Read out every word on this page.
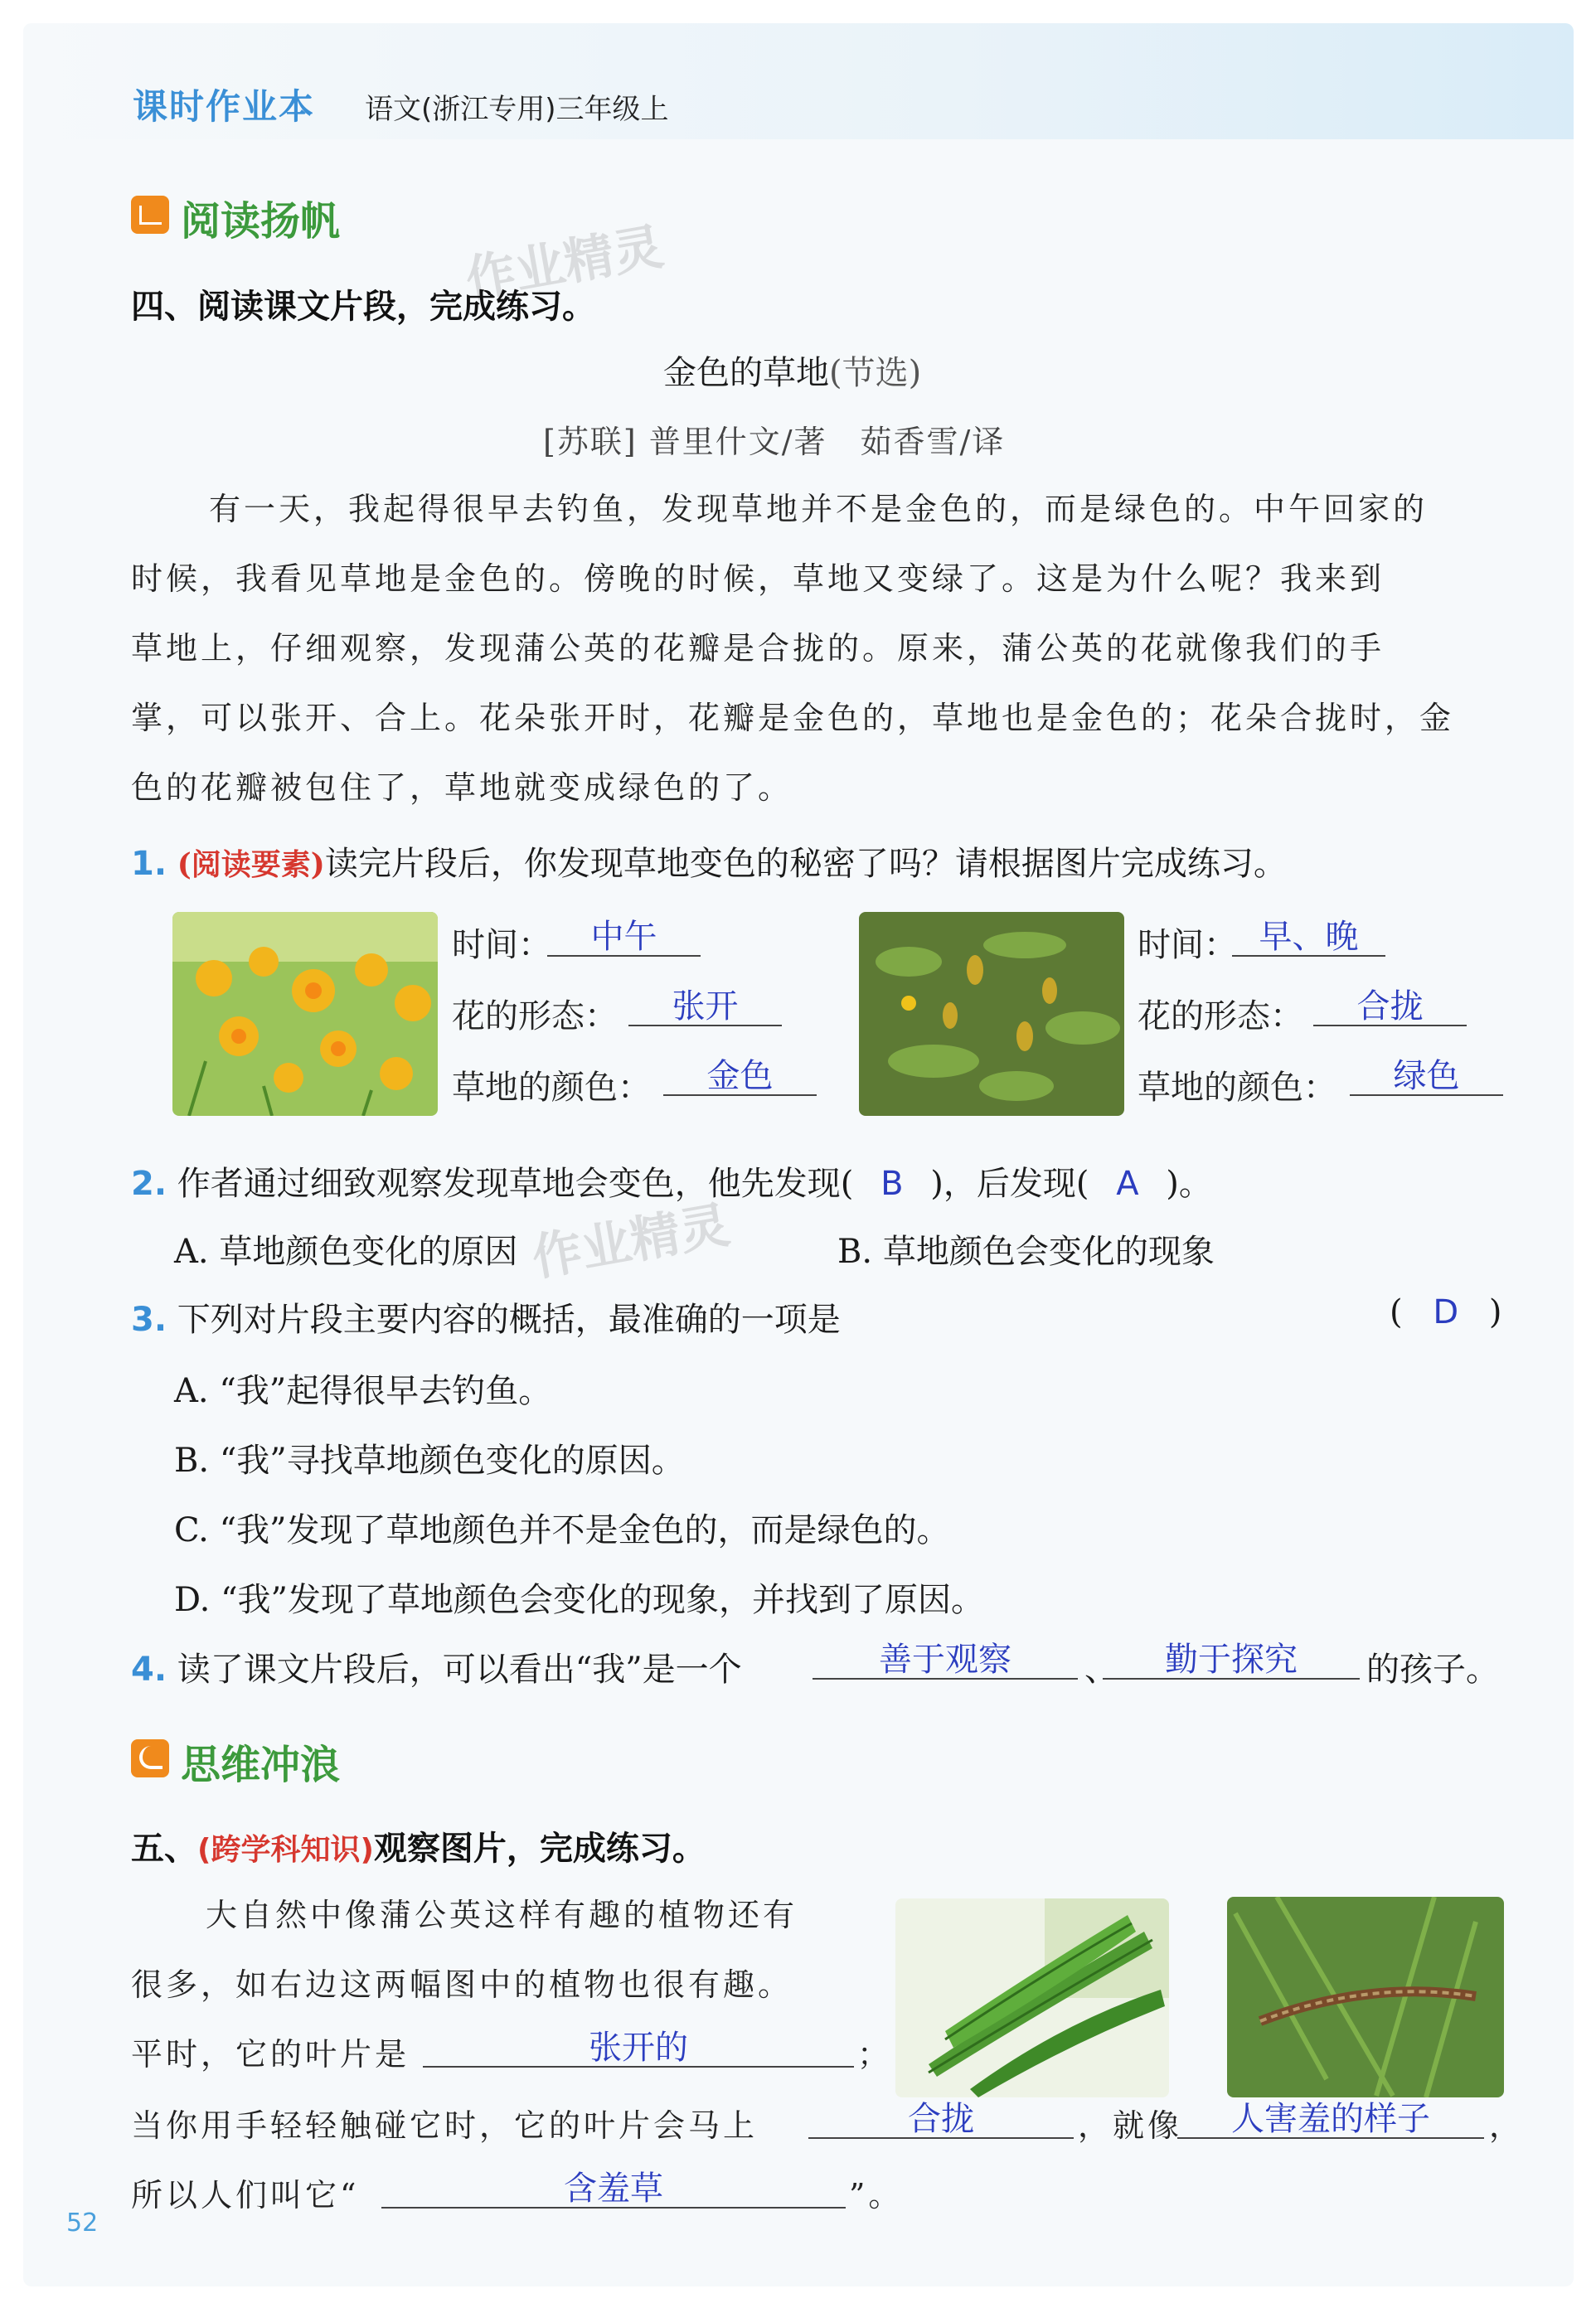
课时作业本 语文(浙江专用)三年级上
阅读扬帆 作业精灵
四、阅读课文片段，完成练习。
金色的草地(节选)
[苏联] 普里什文/著　茹香雪/译
有一天，我起得很早去钓鱼，发现草地并不是金色的，而是绿色的。中午回家的
时候，我看见草地是金色的。傍晚的时候，草地又变绿了。这是为什么呢？我来到
草地上，仔细观察，发现蒲公英的花瓣是合拢的。原来，蒲公英的花就像我们的手
掌，可以张开、合上。花朵张开时，花瓣是金色的，草地也是金色的；花朵合拢时，金
色的花瓣被包住了，草地就变成绿色的了。
1. (阅读要素)读完片段后，你发现草地变色的秘密了吗？请根据图片完成练习。
时间：	中午
花的形态：	张开
草地的颜色：	金色
时间： 早、晚
花的形态：	合拢
草地的颜色：	绿色
2. 作者通过细致观察发现草地会变色，他先发现( B )，后发现( A )。
A. 草地颜色变化的原因	B. 草地颜色会变化的现象
作业精灵
3. 下列对片段主要内容的概括，最准确的一项是	( D )
A. “我”起得很早去钓鱼。
B. “我”寻找草地颜色变化的原因。
C. “我”发现了草地颜色并不是金色的，而是绿色的。
D. “我”发现了草地颜色会变化的现象，并找到了原因。
4. 读了课文片段后，可以看出“我”是一个	善于观察	、	勤于探究	的孩子。
思维冲浪
五、(跨学科知识)观察图片，完成练习。
大自然中像蒲公英这样有趣的植物还有
很多，如右边这两幅图中的植物也很有趣。
平时，它的叶片是	张开的	；
当你用手轻轻触碰它时，它的叶片会马上	合拢	，就像	人害羞的样子	，
所以人们叫它“	含羞草	”。
52
